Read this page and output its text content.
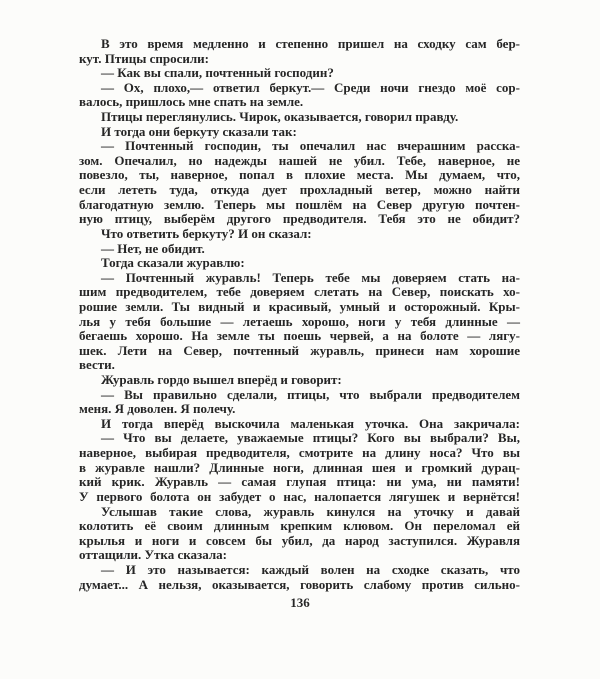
В это время медленно и степенно пришел на сходку сам бер-
кут. Птицы спросили:
— Как вы спали, почтенный господин?
— Ох, плохо,— ответил беркут.— Среди ночи гнездо моё сор-
валось, пришлось мне спать на земле.
Птицы переглянулись. Чирок, оказывается, говорил правду.
И тогда они беркуту сказали так:
— Почтенный господин, ты опечалил нас вчерашним расска-
зом. Опечалил, но надежды нашей не убил. Тебе, наверное, не
повезло, ты, наверное, попал в плохие места. Мы думаем, что,
если лететь туда, откуда дует прохладный ветер, можно найти
благодатную землю. Теперь мы пошлём на Север другую почтен-
ную птицу, выберём другого предводителя. Тебя это не обидит?
Что ответить беркуту? И он сказал:
— Нет, не обидит.
Тогда сказали журавлю:
— Почтенный журавль! Теперь тебе мы доверяем стать на-
шим предводителем, тебе доверяем слетать на Север, поискать хо-
рошие земли. Ты видный и красивый, умный и осторожный. Кры-
лья у тебя большие — летаешь хорошо, ноги у тебя длинные —
бегаешь хорошо. На земле ты поешь червей, а на болоте — лягу-
шек. Лети на Север, почтенный журавль, принеси нам хорошие
вести.
Журавль гордо вышел вперёд и говорит:
— Вы правильно сделали, птицы, что выбрали предводителем
меня. Я доволен. Я полечу.
И тогда вперёд выскочила маленькая уточка. Она закричала:
— Что вы делаете, уважаемые птицы? Кого вы выбрали? Вы,
наверное, выбирая предводителя, смотрите на длину носа? Что вы
в журавле нашли? Длинные ноги, длинная шея и громкий дурац-
кий крик. Журавль — самая глупая птица: ни ума, ни памяти!
У первого болота он забудет о нас, налопается лягушек и вернётся!
Услышав такие слова, журавль кинулся на уточку и давай
колотить её своим длинным крепким клювом. Он переломал ей
крылья и ноги и совсем бы убил, да народ заступился. Журавля
оттащили. Утка сказала:
— И это называется: каждый волен на сходке сказать, что
думает... А нельзя, оказывается, говорить слабому против сильно-
136
